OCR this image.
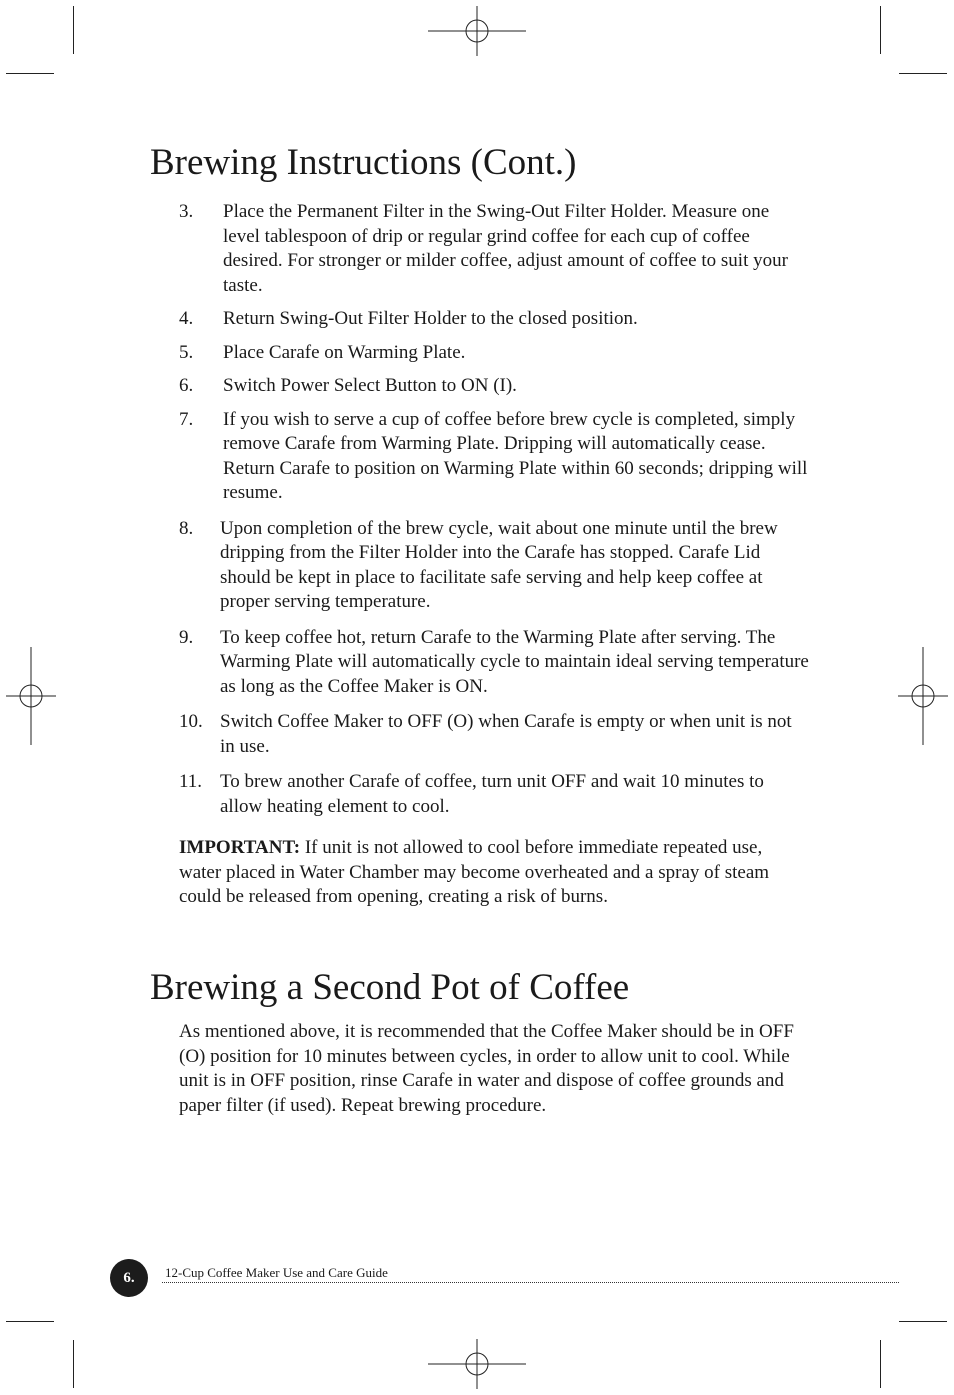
Brewing Instructions (Cont.)
3.	Place the Permanent Filter in the Swing-Out Filter Holder. Measure one level tablespoon of drip or regular grind coffee for each cup of coffee desired. For stronger or milder coffee, adjust amount of coffee to suit your taste.
4.	Return Swing-Out Filter Holder to the closed position.
5.	Place Carafe on Warming Plate.
6.	Switch Power Select Button to ON (I).
7.	If you wish to serve a cup of coffee before brew cycle is completed, simply remove Carafe from Warming Plate. Dripping will automatically cease. Return Carafe to position on Warming Plate within 60 seconds; dripping will resume.
8.	Upon completion of the brew cycle, wait about one minute until the brew dripping from the Filter Holder into the Carafe has stopped. Carafe Lid should be kept in place to facilitate safe serving and help keep coffee at proper serving temperature.
9.	To keep coffee hot, return Carafe to the Warming Plate after serving. The Warming Plate will automatically cycle to maintain ideal serving temperature as long as the Coffee Maker is ON.
10. Switch Coffee Maker to OFF (O) when Carafe is empty or when unit is not in use.
11. To brew another Carafe of coffee, turn unit OFF and wait 10 minutes to allow heating element to cool.

IMPORTANT: If unit is not allowed to cool before immediate repeated use, water placed in Water Chamber may become overheated and a spray of steam could be released from opening, creating a risk of burns.

Brewing a Second Pot of Coffee

As mentioned above, it is recommended that the Coffee Maker should be in OFF (O) position for 10 minutes between cycles, in order to allow unit to cool. While unit is in OFF position, rinse Carafe in water and dispose of coffee grounds and paper filter (if used). Repeat brewing procedure.

6.	12-Cup Coffee Maker Use and Care Guide
